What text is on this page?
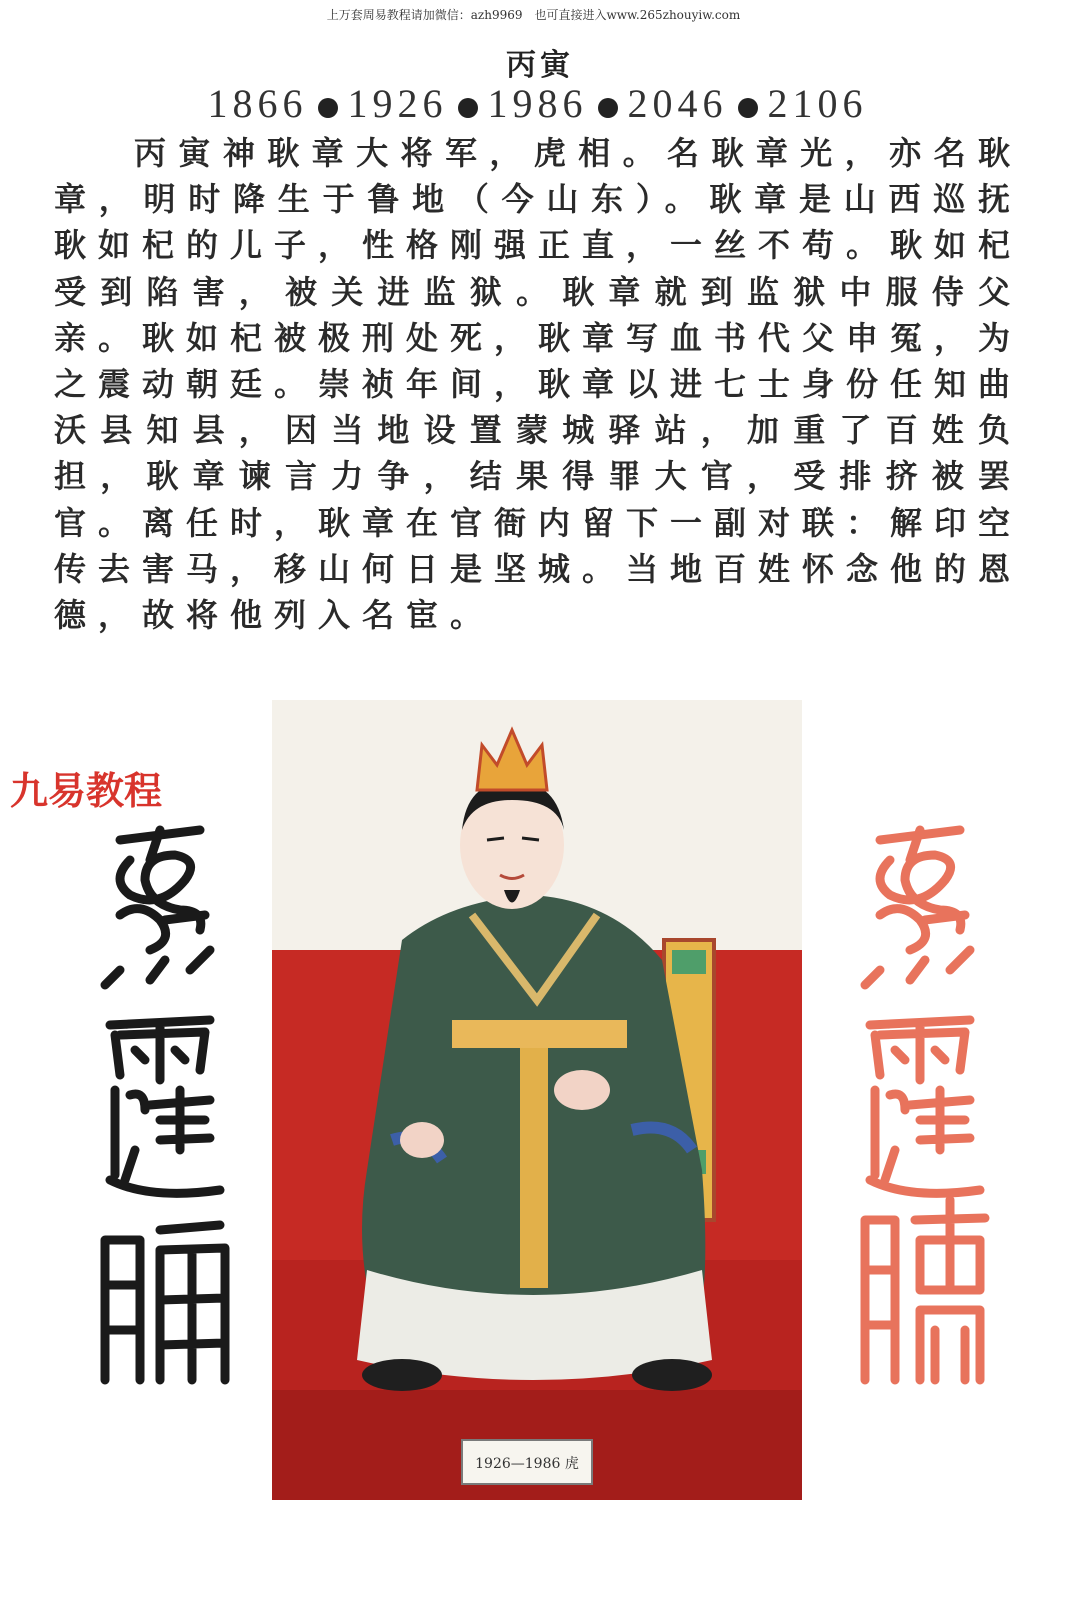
上万套周易教程请加微信：azh9969　也可直接进入www.265zhouyiw.com
丙寅
1866 1926 1986 2046 2106
丙寅神耿章大将军，虎相。名耿章光，亦名耿章，明时降生于鲁地（今山东）。耿章是山西巡抚耿如杞的儿子，性格刚强正直，一丝不苟。耿如杞受到陷害，被关进监狱。耿章就到监狱中服侍父亲。耿如杞被极刑处死，耿章写血书代父申冤，为之震动朝廷。崇祯年间，耿章以进七士身份任知曲沃县知县，因当地设置蒙城驿站，加重了百姓负担，耿章谏言力争，结果得罪大官，受排挤被罢官。离任时，耿章在官衙内留下一副对联：解印空传去害马，移山何日是坚城。当地百姓怀念他的恩德，故将他列入名宦。
九易教程
1926—1986 虎
